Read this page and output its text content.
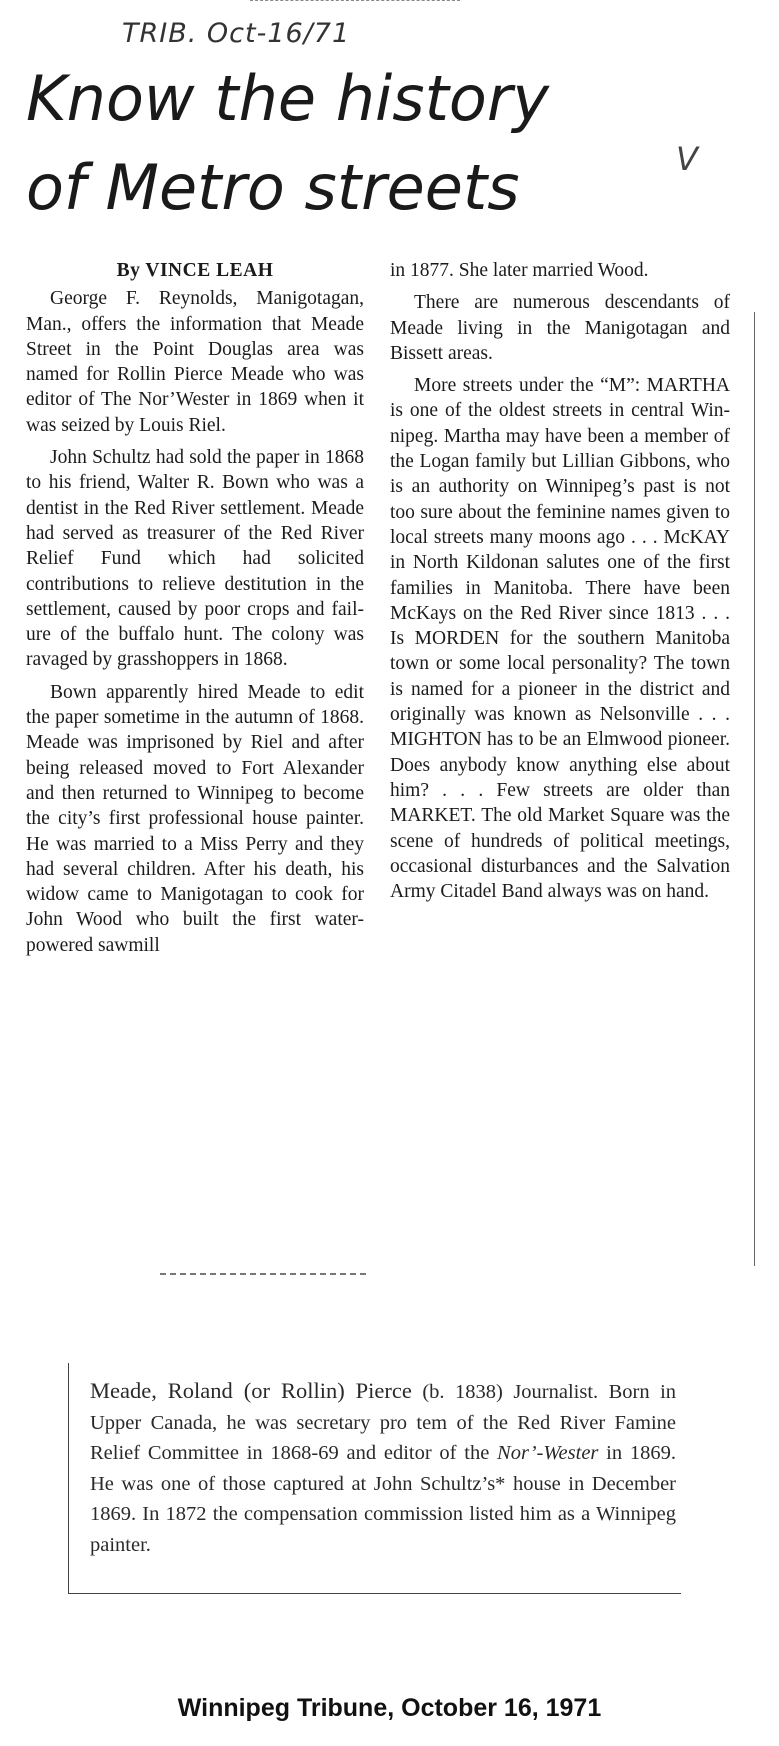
TRIB. Oct-16/71
V
Know the history
of Metro streets
By VINCE LEAH

George F. Reynolds, Manigotagan, Man., offers the information that Meade Street in the Point Douglas area was named for Rollin Pierce Meade who was editor of The Nor’Wester in 1869 when it was seized by Louis Riel.

John Schultz had sold the paper in 1868 to his friend, Walter R. Bown who was a dentist in the Red River settlement. Meade had served as treasurer of the Red River Relief Fund which had solicited contributions to relieve destitution in the settlement, caused by poor crops and failure of the buffalo hunt. The colony was ravaged by grasshoppers in 1868.

Bown apparently hired Meade to edit the paper sometime in the autumn of 1868. Meade was imprisoned by Riel and after being released moved to Fort Alexander and then returned to Winnipeg to become the city’s first professional house painter. He was married to a Miss Perry and they had several children. After his death, his widow came to Manigotagan to cook for John Wood who built the first water-powered sawmill

in 1877. She later married Wood.

There are numerous descendants of Meade living in the Manigotagan and Bissett areas.

More streets under the “M”: MARTHA is one of the oldest streets in central Winnipeg. Martha may have been a member of the Logan family but Lillian Gibbons, who is an authority on Winnipeg’s past is not too sure about the feminine names given to local streets many moons ago . . . McKAY in North Kildonan salutes one of the first families in Manitoba. There have been McKays on the Red River since 1813 . . . Is MORDEN for the southern Manitoba town or some local personality? The town is named for a pioneer in the district and originally was known as Nelsonville . . . MIGHTON has to be an Elmwood pioneer. Does anybody know anything else about him? . . . Few streets are older than MARKET. The old Market Square was the scene of hundreds of political meetings, occasional disturbances and the Salvation Army Citadel Band always was on hand.

Meade, Roland (or Rollin) Pierce (b. 1838) Journalist. Born in Upper Canada, he was secretary pro tem of the Red River Famine Relief Committee in 1868-69 and editor of the Nor’-Wester in 1869. He was one of those captured at John Schultz’s* house in December 1869. In 1872 the compensation commission listed him as a Winnipeg painter.

Winnipeg Tribune, October 16, 1971
